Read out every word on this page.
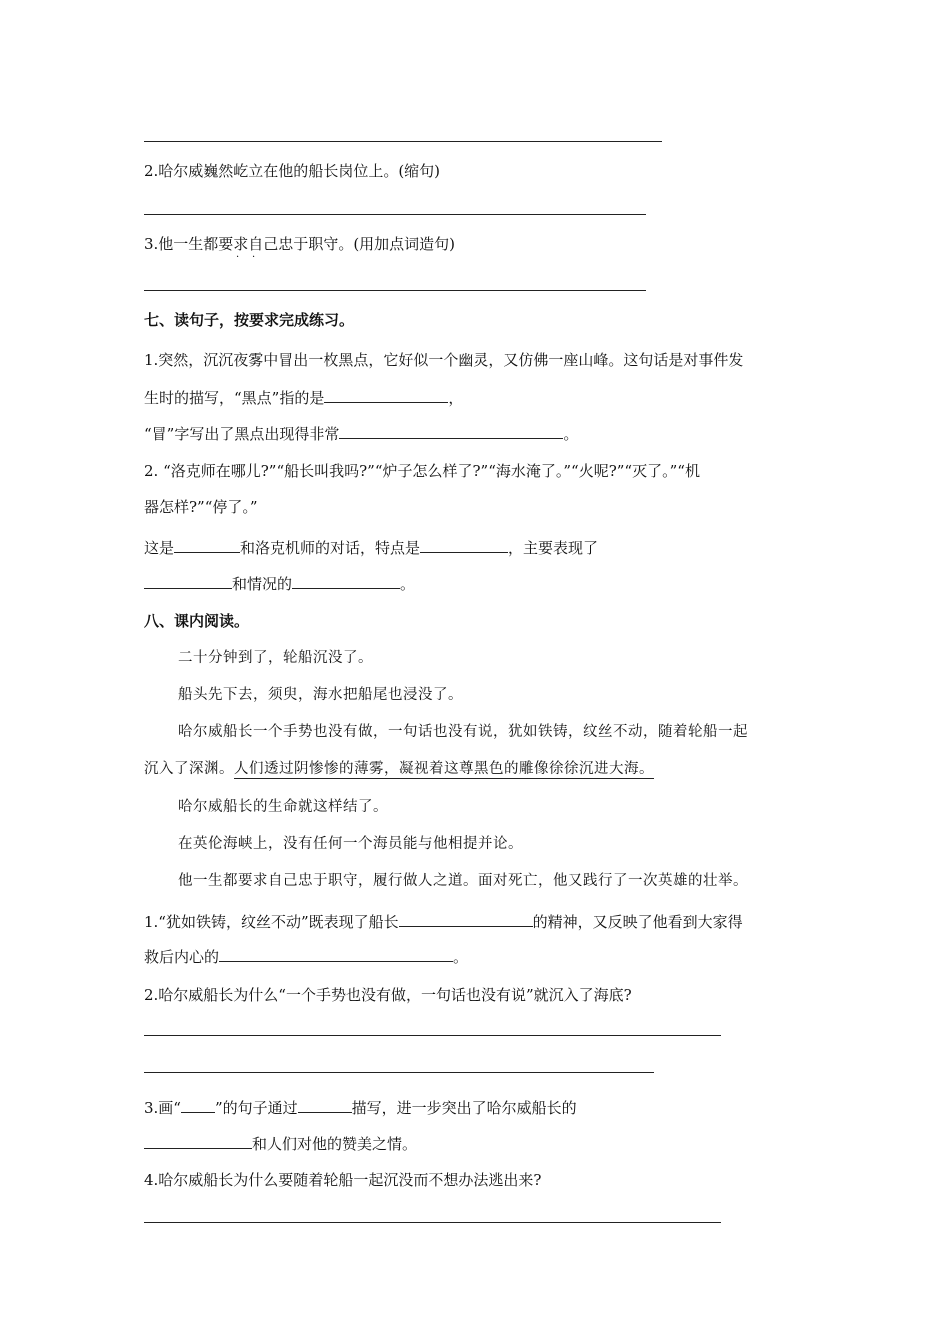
2.哈尔威巍然屹立在他的船长岗位上。(缩句)
3.他一生都要求自己忠于职守。(用加点词造句)
· ·
七、读句子，按要求完成练习。
1.突然，沉沉夜雾中冒出一枚黑点，它好似一个幽灵，又仿佛一座山峰。这句话是对事件发
生时的描写，“黑点”指的是	，
“冒”字写出了黑点出现得非常	。
2. “洛克师在哪儿?”“船长叫我吗?”“炉子怎么样了?”“海水淹了。”“火呢?”“灭了。”“机
器怎样?”“停了。”
这是	和洛克机师的对话，特点是	，主要表现了
和情况的	。
八、课内阅读。
二十分钟到了，轮船沉没了。
船头先下去，须臾，海水把船尾也浸没了。
哈尔威船长一个手势也没有做，一句话也没有说，犹如铁铸，纹丝不动，随着轮船一起
沉入了深渊。人们透过阴惨惨的薄雾，凝视着这尊黑色的雕像徐徐沉进大海。
哈尔威船长的生命就这样结了。
在英伦海峡上，没有任何一个海员能与他相提并论。
他一生都要求自己忠于职守，履行做人之道。面对死亡，他又践行了一次英雄的壮举。
1.“犹如铁铸，纹丝不动”既表现了船长	的精神，又反映了他看到大家得
救后内心的	。
2.哈尔威船长为什么“一个手势也没有做，一句话也没有说”就沉入了海底?
3.画“ ”的句子通过	描写，进一步突出了哈尔威船长的
和人们对他的赞美之情。
4.哈尔威船长为什么要随着轮船一起沉没而不想办法逃出来?
